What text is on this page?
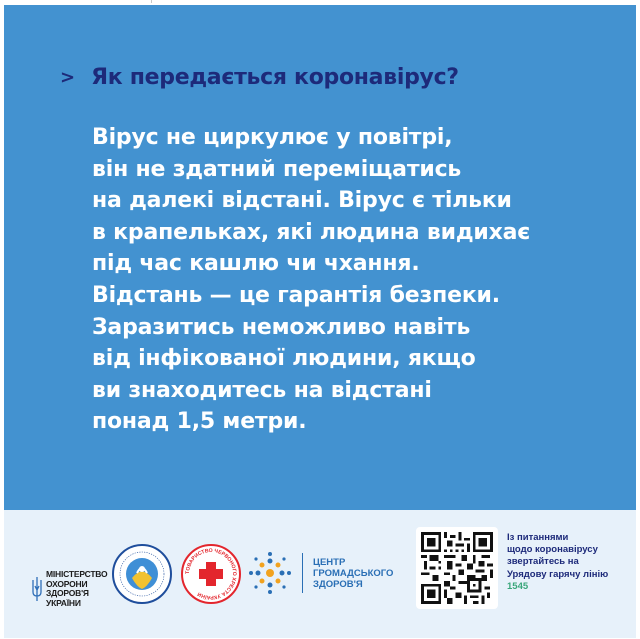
> Як передається коронавірус?
Вірус не циркулює у повітрі,
він не здатний переміщатись
на далекі відстані. Вірус є тільки
в крапельках, які людина видихає
під час кашлю чи чхання.
Відстань — це гарантія безпеки.
Заразитись неможливо навіть
від інфікованої людини, якщо
ви знаходитесь на відстані
понад 1,5 метри.
МІНІСТЕРСТВО
ОХОРОНИ
ЗДОРОВ'Я
УКРАЇНИ
ТОВАРИСТВО ЧЕРВОНОГО ХРЕСТА УКРАЇНИ
ЦЕНТР
ГРОМАДСЬКОГО
ЗДОРОВ'Я
Із питаннями
щодо коронавірусу
звертайтесь на
Урядову гарячу лінію
1545
